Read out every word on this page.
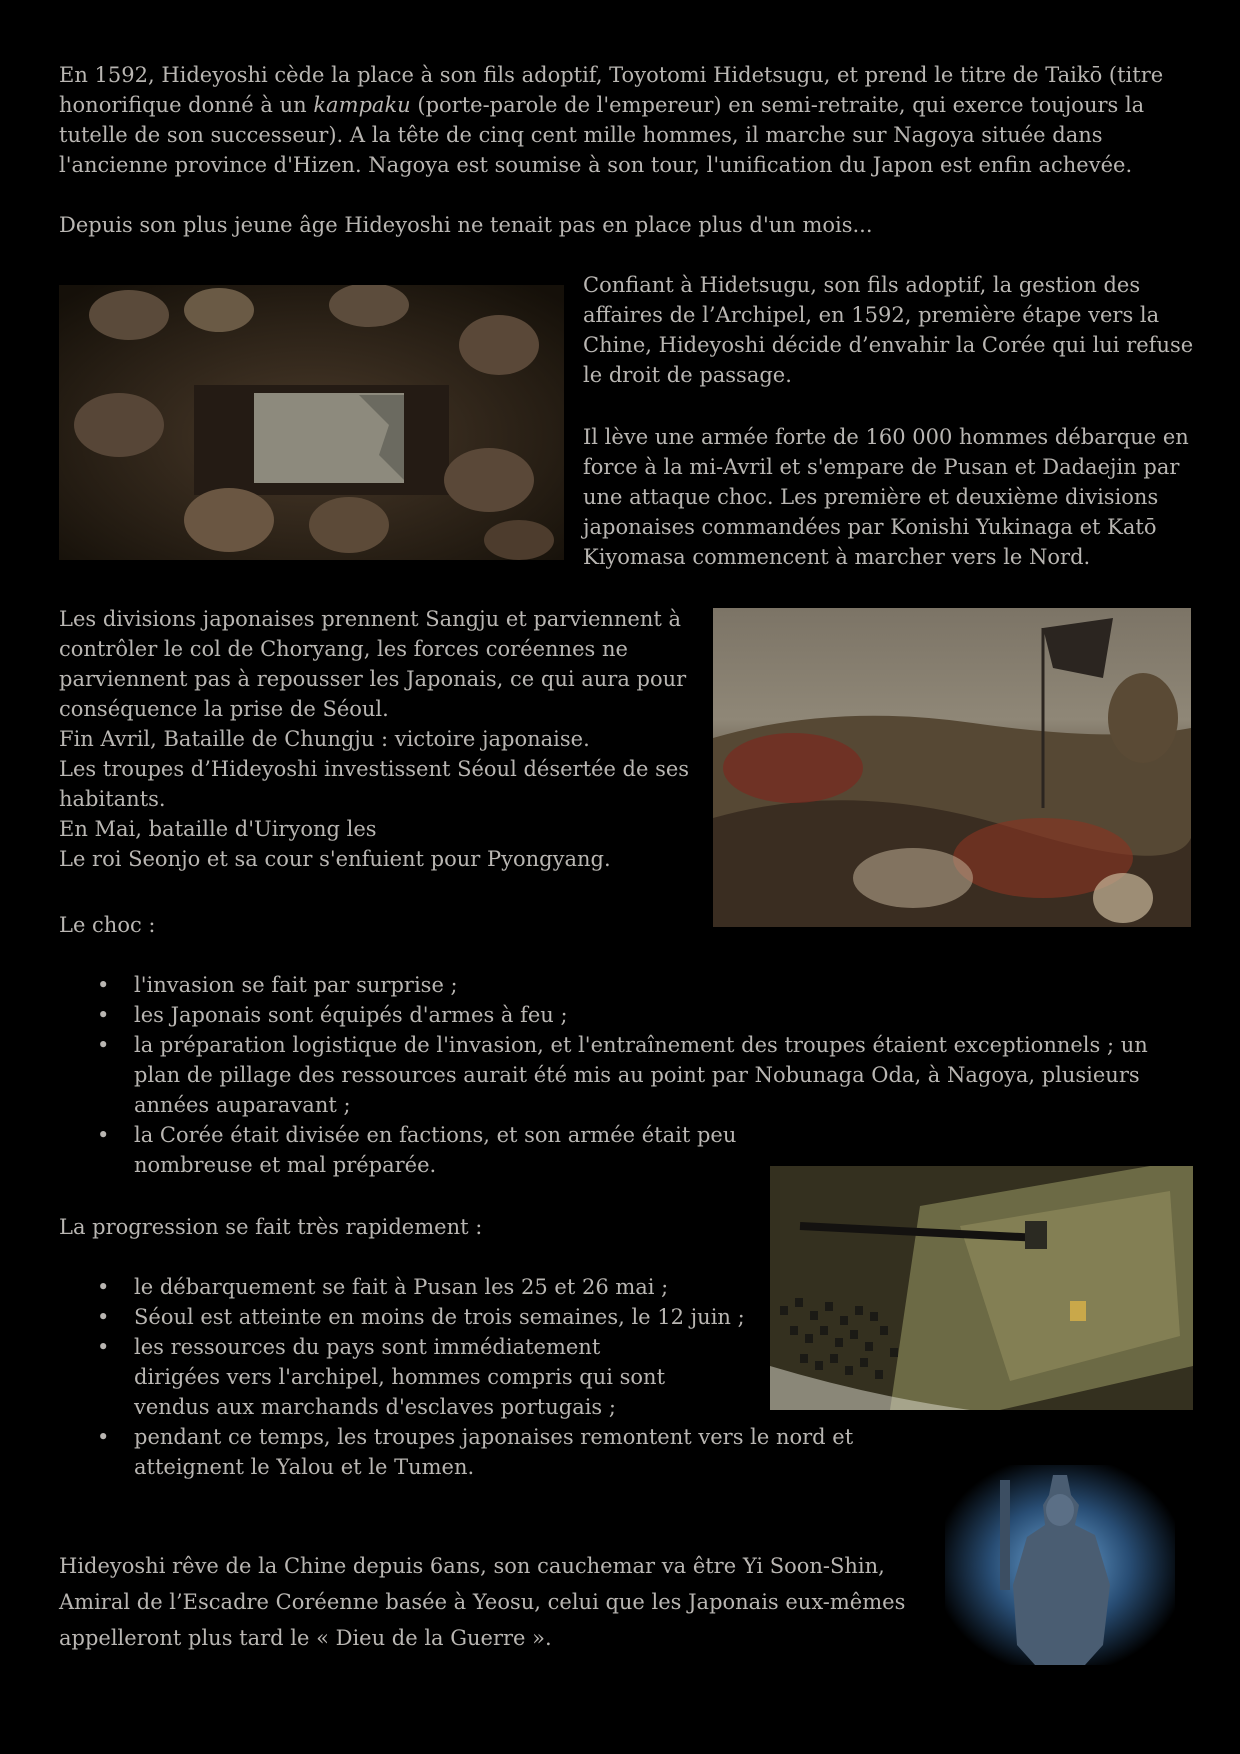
En 1592, Hideyoshi cède la place à son fils adoptif, Toyotomi Hidetsugu, et prend le titre de Taikō (titre honorifique donné à un kampaku (porte-parole de l'empereur) en semi-retraite, qui exerce toujours la tutelle de son successeur). A la tête de cinq cent mille hommes, il marche sur Nagoya située dans l'ancienne province d'Hizen. Nagoya est soumise à son tour, l'unification du Japon est enfin achevée.

Depuis son plus jeune âge Hideyoshi ne tenait pas en place plus d'un mois...

Confiant à Hidetsugu, son fils adoptif, la gestion des affaires de l’Archipel, en 1592, première étape vers la Chine, Hideyoshi décide d’envahir la Corée qui lui refuse le droit de passage.

Il lève une armée forte de 160 000 hommes débarque en force à la mi-Avril et s'empare de Pusan et Dadaejin par une attaque choc. Les première et deuxième divisions japonaises commandées par Konishi Yukinaga et Katō Kiyomasa commencent à marcher vers le Nord.

Les divisions japonaises prennent Sangju et parviennent à
contrôler le col de Choryang, les forces coréennes ne
parviennent pas à repousser les Japonais, ce qui aura pour
conséquence la prise de Séoul.
Fin Avril, Bataille de Chungju : victoire japonaise.
Les troupes d’Hideyoshi investissent Séoul désertée de ses
habitants.
En Mai, bataille d'Uiryong les
Le roi Seonjo et sa cour s'enfuient pour Pyongyang.

Le choc :

• l'invasion se fait par surprise ;
• les Japonais sont équipés d'armes à feu ;
• la préparation logistique de l'invasion, et l'entraînement des troupes étaient exceptionnels ; un plan de pillage des ressources aurait été mis au point par Nobunaga Oda, à Nagoya, plusieurs années auparavant ;
• la Corée était divisée en factions, et son armée était peu nombreuse et mal préparée.

La progression se fait très rapidement :

• le débarquement se fait à Pusan les 25 et 26 mai ;
• Séoul est atteinte en moins de trois semaines, le 12 juin ;
• les ressources du pays sont immédiatement dirigées vers l'archipel, hommes compris qui sont vendus aux marchands d'esclaves portugais ;
• pendant ce temps, les troupes japonaises remontent vers le nord et atteignent le Yalou et le Tumen.

Hideyoshi rêve de la Chine depuis 6ans, son cauchemar va être Yi Soon-Shin, Amiral de l’Escadre Coréenne basée à Yeosu, celui que les Japonais eux-mêmes appelleront plus tard le « Dieu de la Guerre ».
